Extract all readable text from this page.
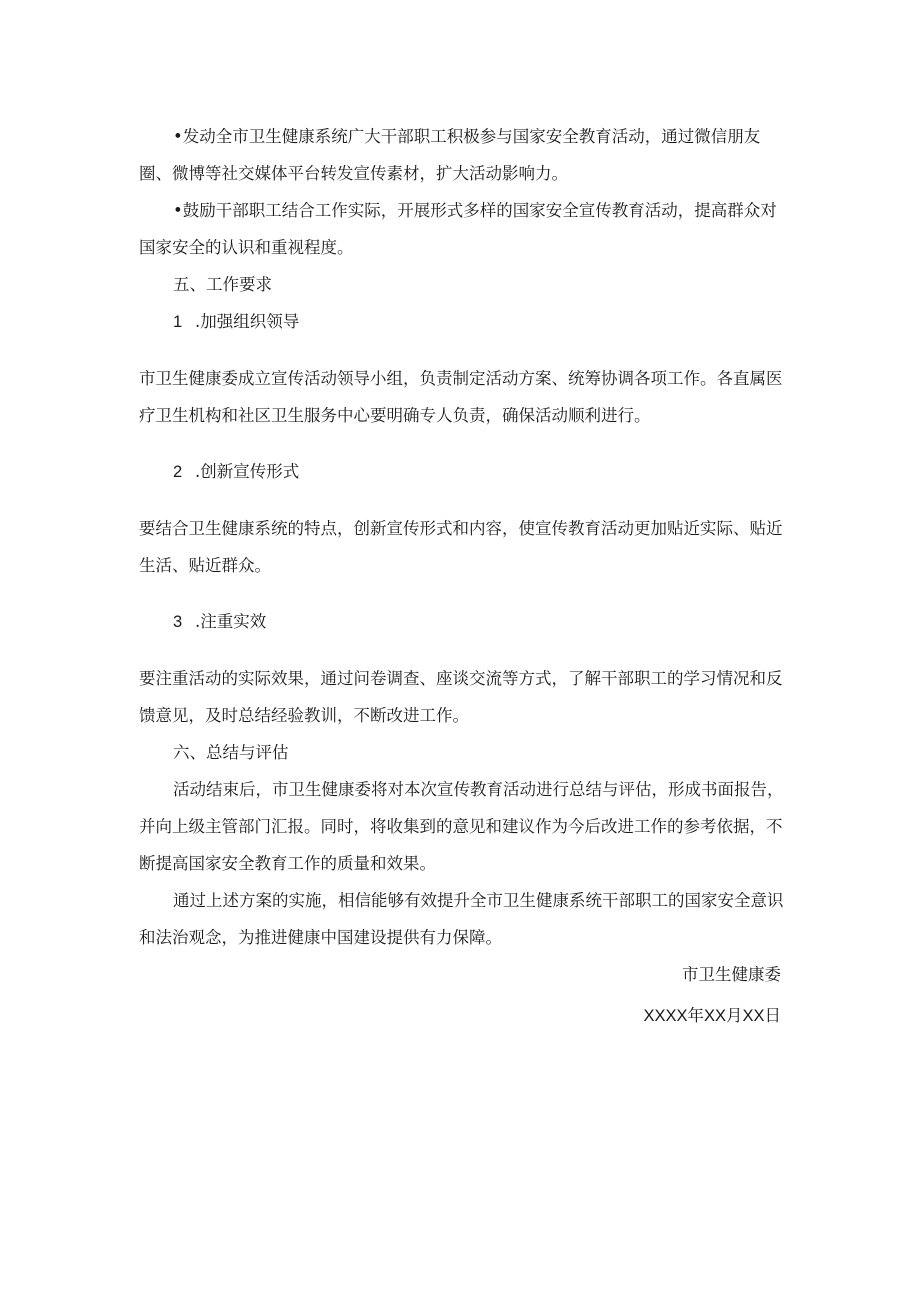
•发动全市卫生健康系统广大干部职工积极参与国家安全教育活动，通过微信朋友圈、微博等社交媒体平台转发宣传素材，扩大活动影响力。

•鼓励干部职工结合工作实际，开展形式多样的国家安全宣传教育活动，提高群众对国家安全的认识和重视程度。

五、工作要求

1 .加强组织领导

市卫生健康委成立宣传活动领导小组，负责制定活动方案、统筹协调各项工作。各直属医疗卫生机构和社区卫生服务中心要明确专人负责，确保活动顺利进行。

2 .创新宣传形式

要结合卫生健康系统的特点，创新宣传形式和内容，使宣传教育活动更加贴近实际、贴近生活、贴近群众。

3 .注重实效

要注重活动的实际效果，通过问卷调查、座谈交流等方式，了解干部职工的学习情况和反馈意见，及时总结经验教训，不断改进工作。

六、总结与评估

活动结束后，市卫生健康委将对本次宣传教育活动进行总结与评估，形成书面报告，并向上级主管部门汇报。同时，将收集到的意见和建议作为今后改进工作的参考依据，不断提高国家安全教育工作的质量和效果。

通过上述方案的实施，相信能够有效提升全市卫生健康系统干部职工的国家安全意识和法治观念，为推进健康中国建设提供有力保障。

市卫生健康委

XXXX年XX月XX日
